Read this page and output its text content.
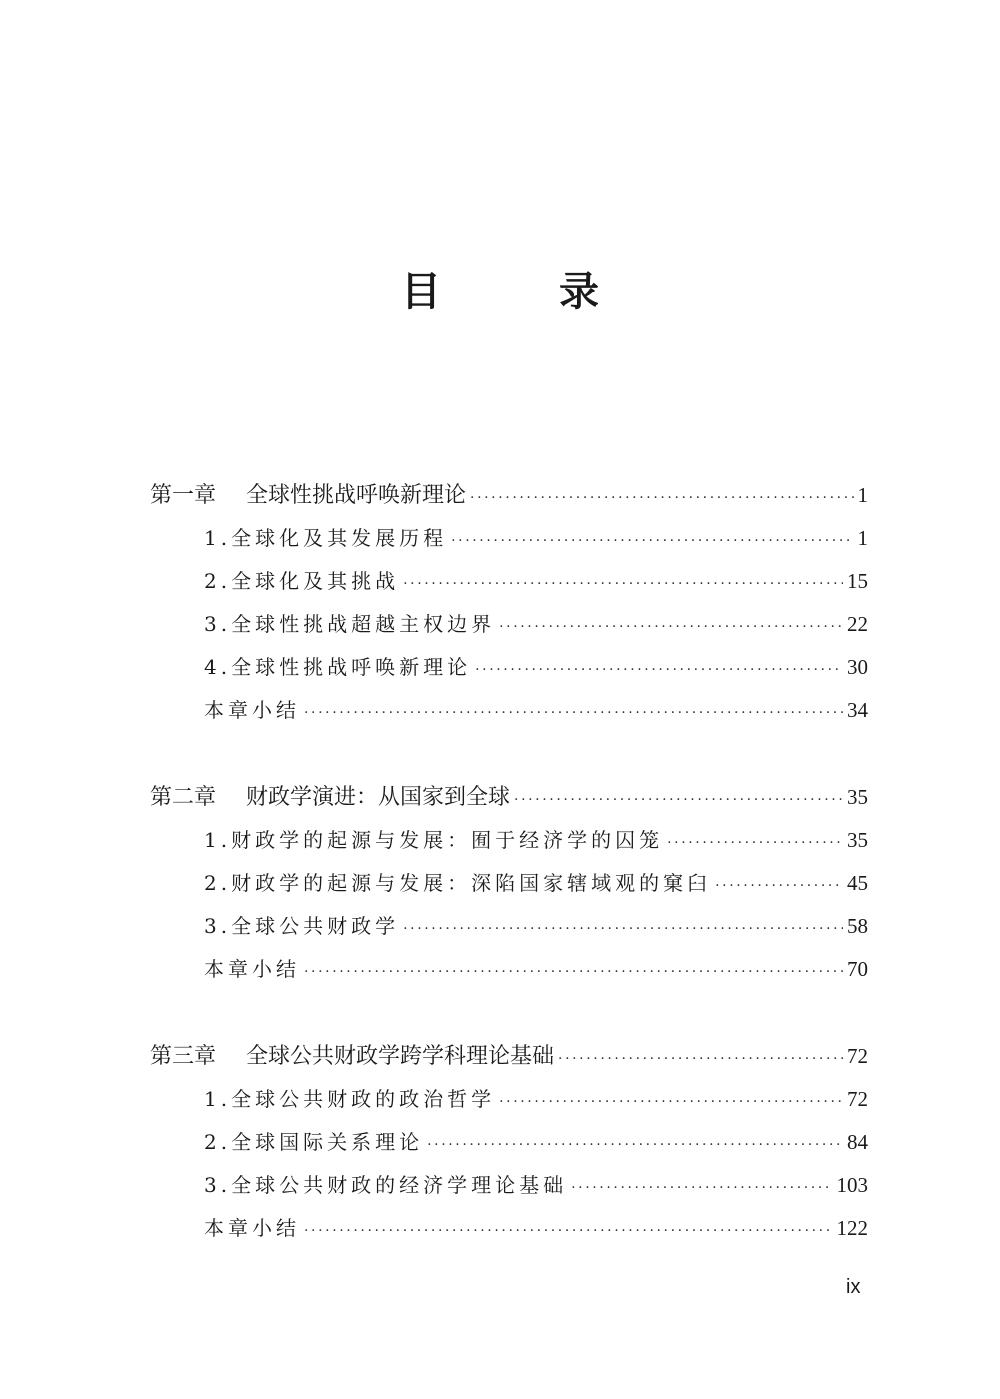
目 录
第一章 全球性挑战呼唤新理论 ·····	1
1.全球化及其发展历程 ·····	1
2.全球化及其挑战 ·····	15
3.全球性挑战超越主权边界 ·····	22
4.全球性挑战呼唤新理论 ·····	30
本章小结 ·····	34
第二章 财政学演进：从国家到全球 ·····	35
1.财政学的起源与发展：囿于经济学的囚笼 ·····	35
2.财政学的起源与发展：深陷国家辖域观的窠臼 ·····	45
3.全球公共财政学 ·····	58
本章小结 ·····	70
第三章 全球公共财政学跨学科理论基础 ·····	72
1.全球公共财政的政治哲学 ·····	72
2.全球国际关系理论 ·····	84
3.全球公共财政的经济学理论基础 ·····	103
本章小结 ·····	122
ix
